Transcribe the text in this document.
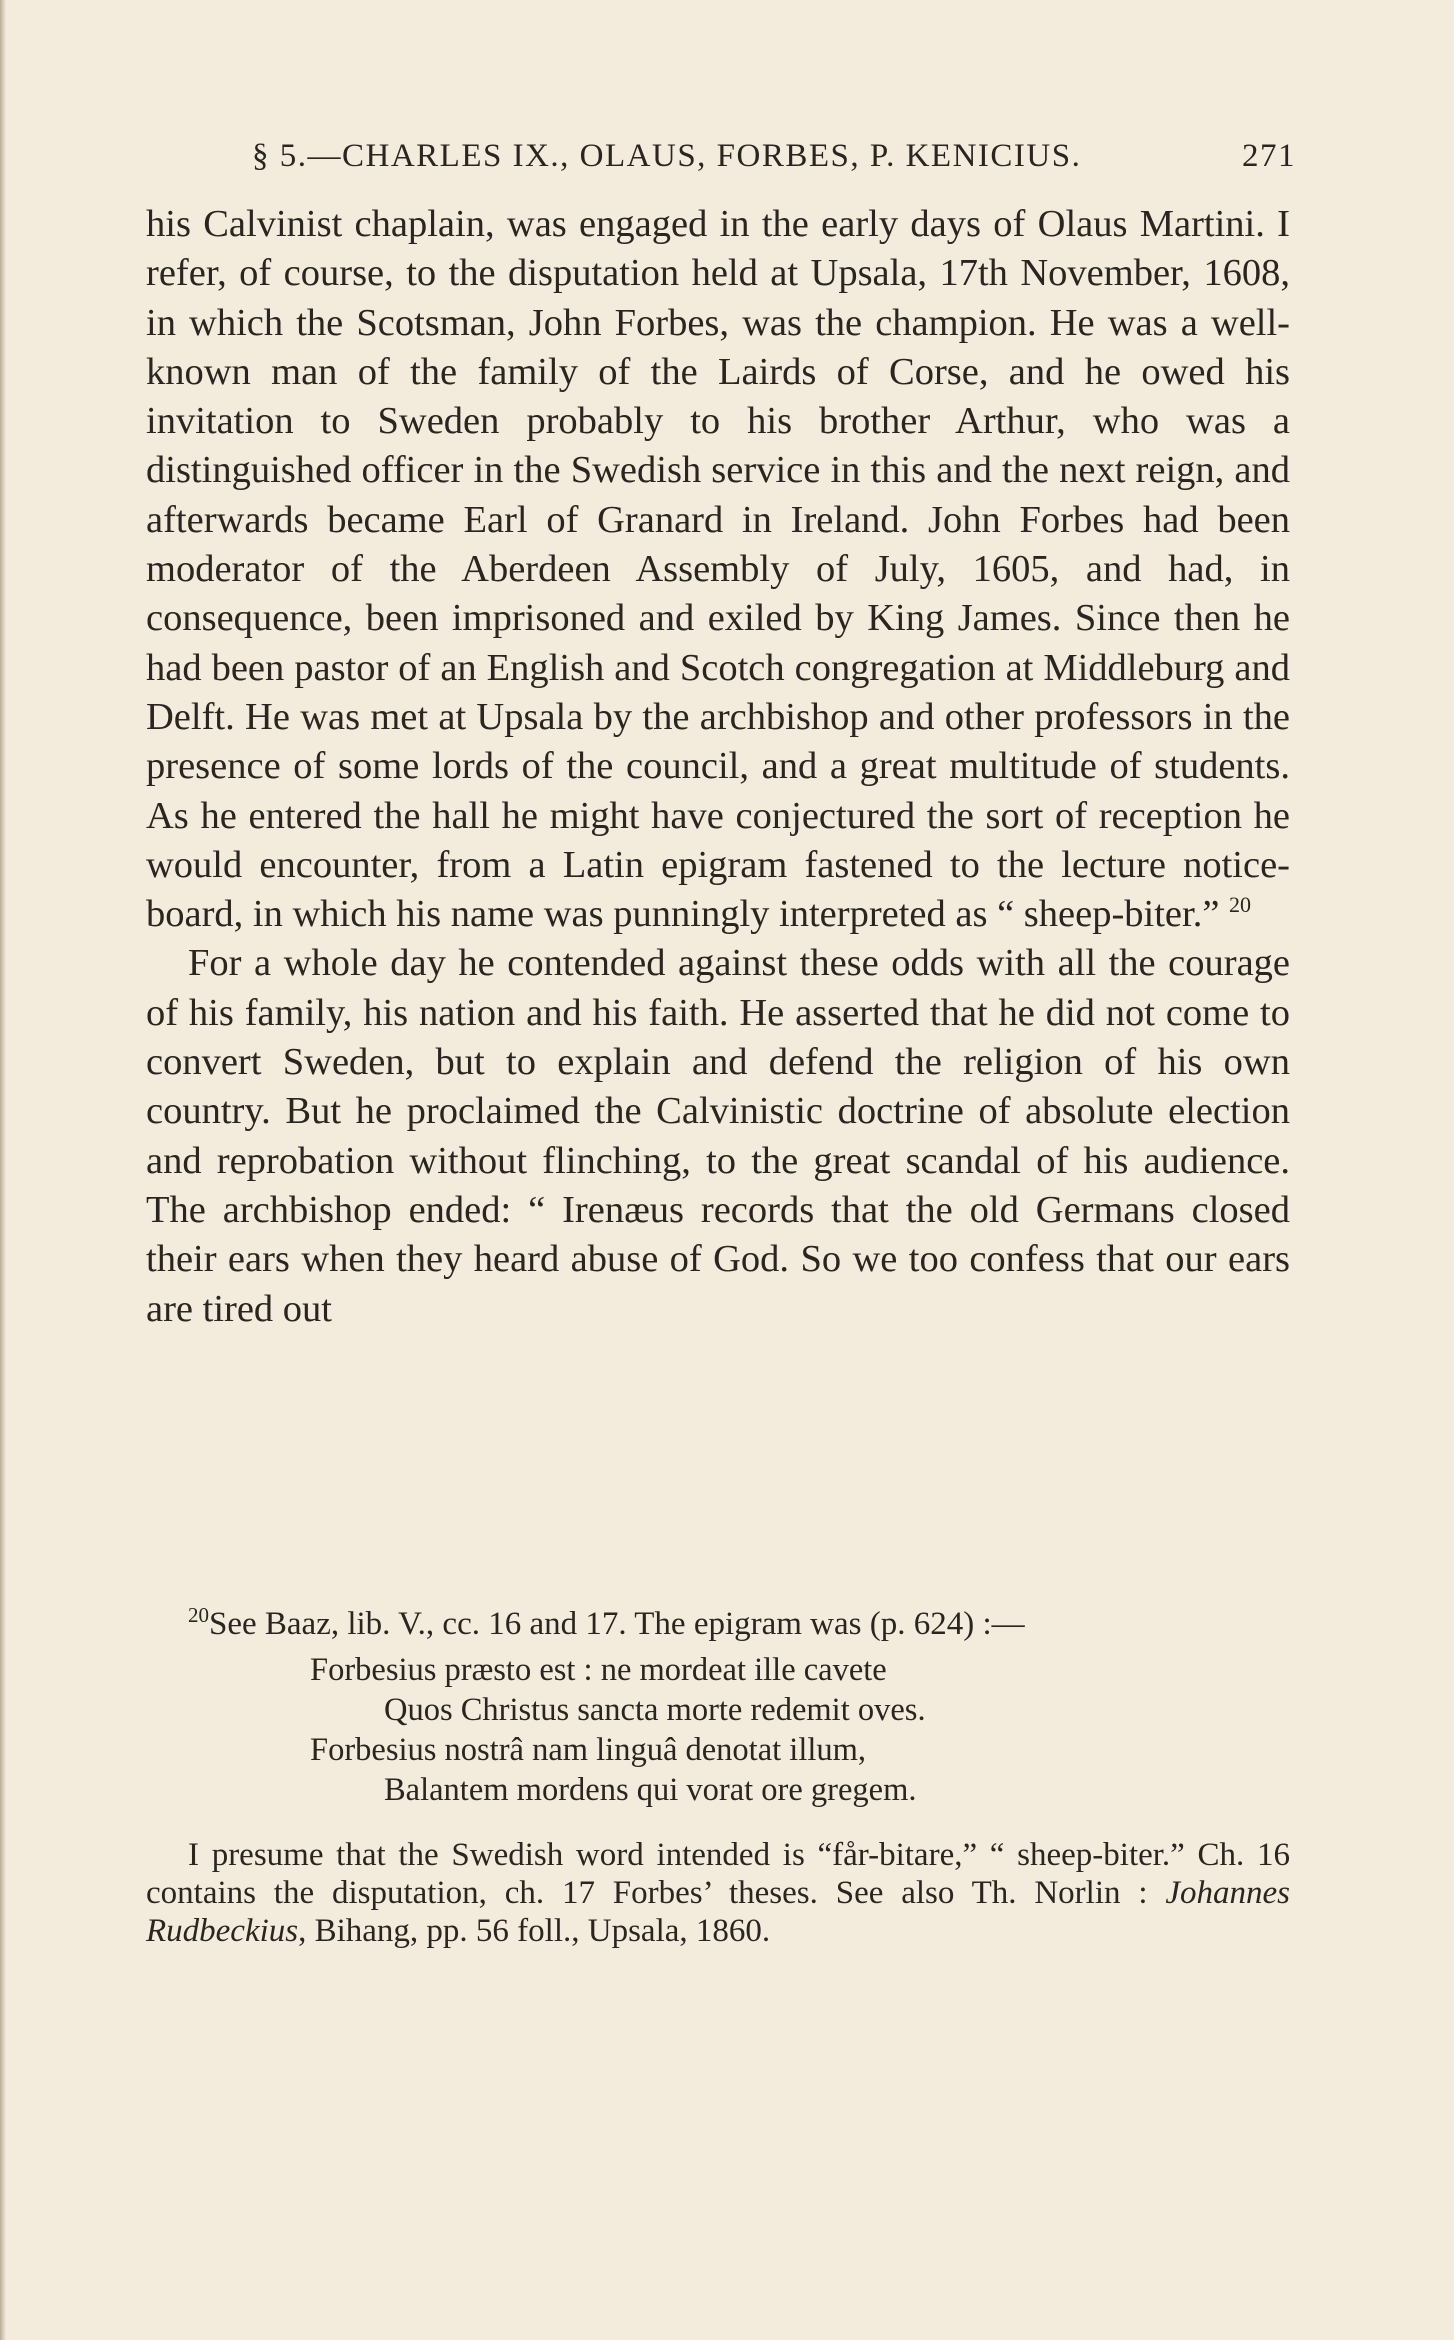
§ 5.—CHARLES IX., OLAUS, FORBES, P. KENICIUS.	271

his Calvinist chaplain, was engaged in the early days of Olaus Martini. I refer, of course, to the disputation held at Upsala, 17th November, 1608, in which the Scotsman, John Forbes, was the champion. He was a well-known man of the family of the Lairds of Corse, and he owed his invitation to Sweden probably to his brother Arthur, who was a distinguished officer in the Swedish service in this and the next reign, and afterwards became Earl of Granard in Ireland. John Forbes had been moderator of the Aberdeen Assembly of July, 1605, and had, in consequence, been imprisoned and exiled by King James. Since then he had been pastor of an English and Scotch congregation at Middleburg and Delft. He was met at Upsala by the archbishop and other professors in the presence of some lords of the council, and a great multitude of students. As he entered the hall he might have conjectured the sort of reception he would encounter, from a Latin epigram fastened to the lecture notice-board, in which his name was punningly interpreted as “ sheep-biter.” $^{20}$

For a whole day he contended against these odds with all the courage of his family, his nation and his faith. He asserted that he did not come to convert Sweden, but to explain and defend the religion of his own country. But he proclaimed the Calvinistic doctrine of absolute election and reprobation without flinching, to the great scandal of his audience. The archbishop ended: “ Irenæus records that the old Germans closed their ears when they heard abuse of God. So we too confess that our ears are tired out

$^{20}$See Baaz, lib. V., cc. 16 and 17. The epigram was (p. 624) :—

Forbesius præsto est : ne mordeat ille cavete
Quos Christus sancta morte redemit oves.
Forbesius nostrâ nam linguâ denotat illum,
Balantem mordens qui vorat ore gregem.

I presume that the Swedish word intended is “får-bitare,” “ sheep-biter.” Ch. 16 contains the disputation, ch. 17 Forbes’ theses. See also Th. Norlin : Johannes Rudbeckius, Bihang, pp. 56 foll., Upsala, 1860.
